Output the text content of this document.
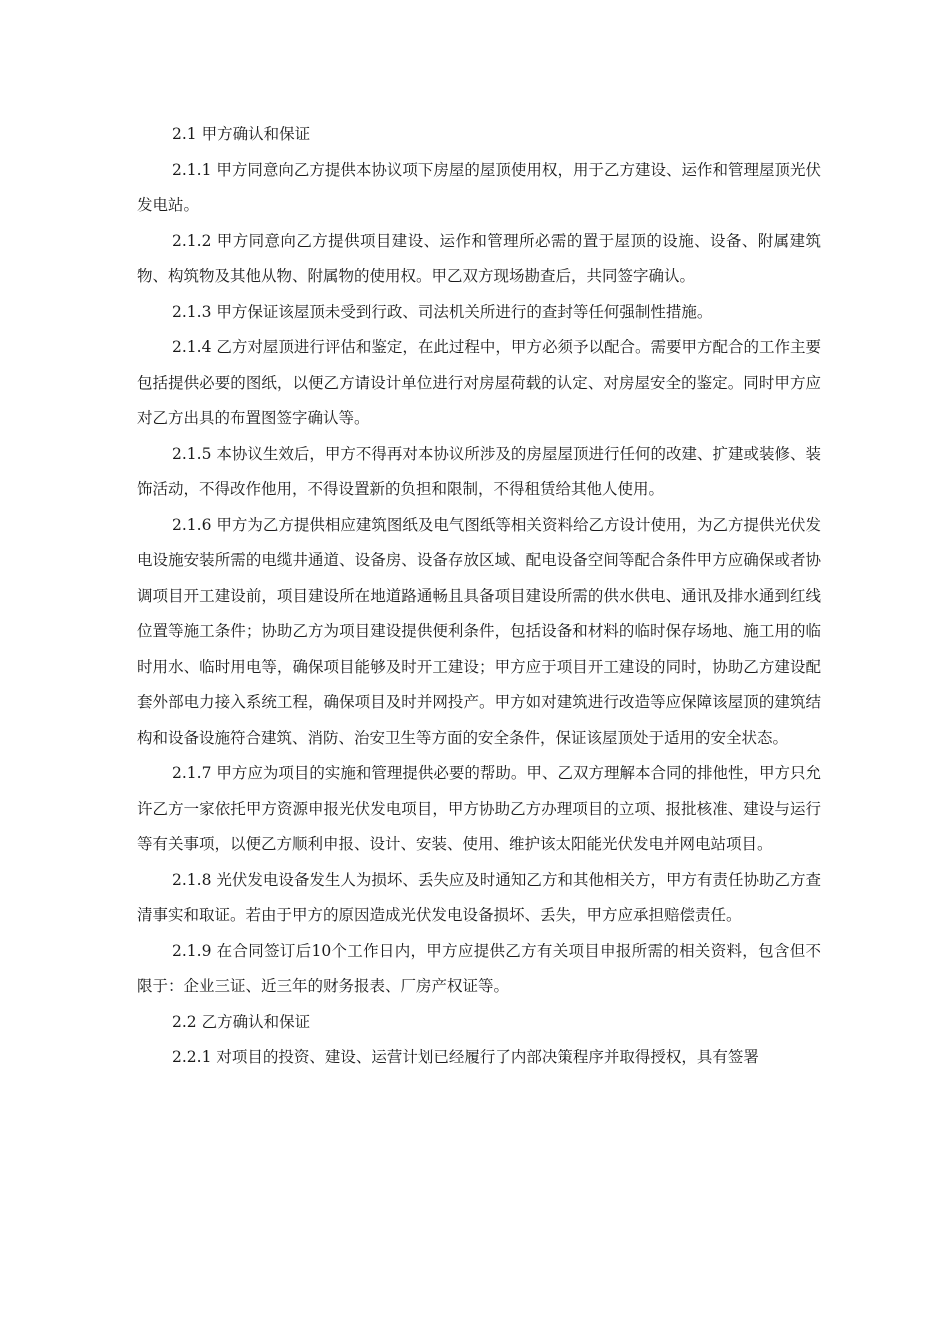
2.1 甲方确认和保证

2.1.1 甲方同意向乙方提供本协议项下房屋的屋顶使用权，用于乙方建设、运作和管理屋顶光伏发电站。

2.1.2 甲方同意向乙方提供项目建设、运作和管理所必需的置于屋顶的设施、设备、附属建筑物、构筑物及其他从物、附属物的使用权。甲乙双方现场勘查后，共同签字确认。

2.1.3 甲方保证该屋顶未受到行政、司法机关所进行的查封等任何强制性措施。

2.1.4 乙方对屋顶进行评估和鉴定，在此过程中，甲方必须予以配合。需要甲方配合的工作主要包括提供必要的图纸，以便乙方请设计单位进行对房屋荷载的认定、对房屋安全的鉴定。同时甲方应对乙方出具的布置图签字确认等。

2.1.5 本协议生效后，甲方不得再对本协议所涉及的房屋屋顶进行任何的改建、扩建或装修、装饰活动，不得改作他用，不得设置新的负担和限制，不得租赁给其他人使用。

2.1.6 甲方为乙方提供相应建筑图纸及电气图纸等相关资料给乙方设计使用，为乙方提供光伏发电设施安装所需的电缆井通道、设备房、设备存放区域、配电设备空间等配合条件甲方应确保或者协调项目开工建设前，项目建设所在地道路通畅且具备项目建设所需的供水供电、通讯及排水通到红线位置等施工条件；协助乙方为项目建设提供便利条件，包括设备和材料的临时保存场地、施工用的临时用水、临时用电等，确保项目能够及时开工建设；甲方应于项目开工建设的同时，协助乙方建设配套外部电力接入系统工程，确保项目及时并网投产。甲方如对建筑进行改造等应保障该屋顶的建筑结构和设备设施符合建筑、消防、治安卫生等方面的安全条件，保证该屋顶处于适用的安全状态。

2.1.7 甲方应为项目的实施和管理提供必要的帮助。甲、乙双方理解本合同的排他性，甲方只允许乙方一家依托甲方资源申报光伏发电项目，甲方协助乙方办理项目的立项、报批核准、建设与运行等有关事项，以便乙方顺利申报、设计、安装、使用、维护该太阳能光伏发电并网电站项目。

2.1.8 光伏发电设备发生人为损坏、丢失应及时通知乙方和其他相关方，甲方有责任协助乙方查清事实和取证。若由于甲方的原因造成光伏发电设备损坏、丢失，甲方应承担赔偿责任。

2.1.9 在合同签订后10个工作日内，甲方应提供乙方有关项目申报所需的相关资料，包含但不限于：企业三证、近三年的财务报表、厂房产权证等。

2.2 乙方确认和保证

2.2.1 对项目的投资、建设、运营计划已经履行了内部决策程序并取得授权，具有签署
